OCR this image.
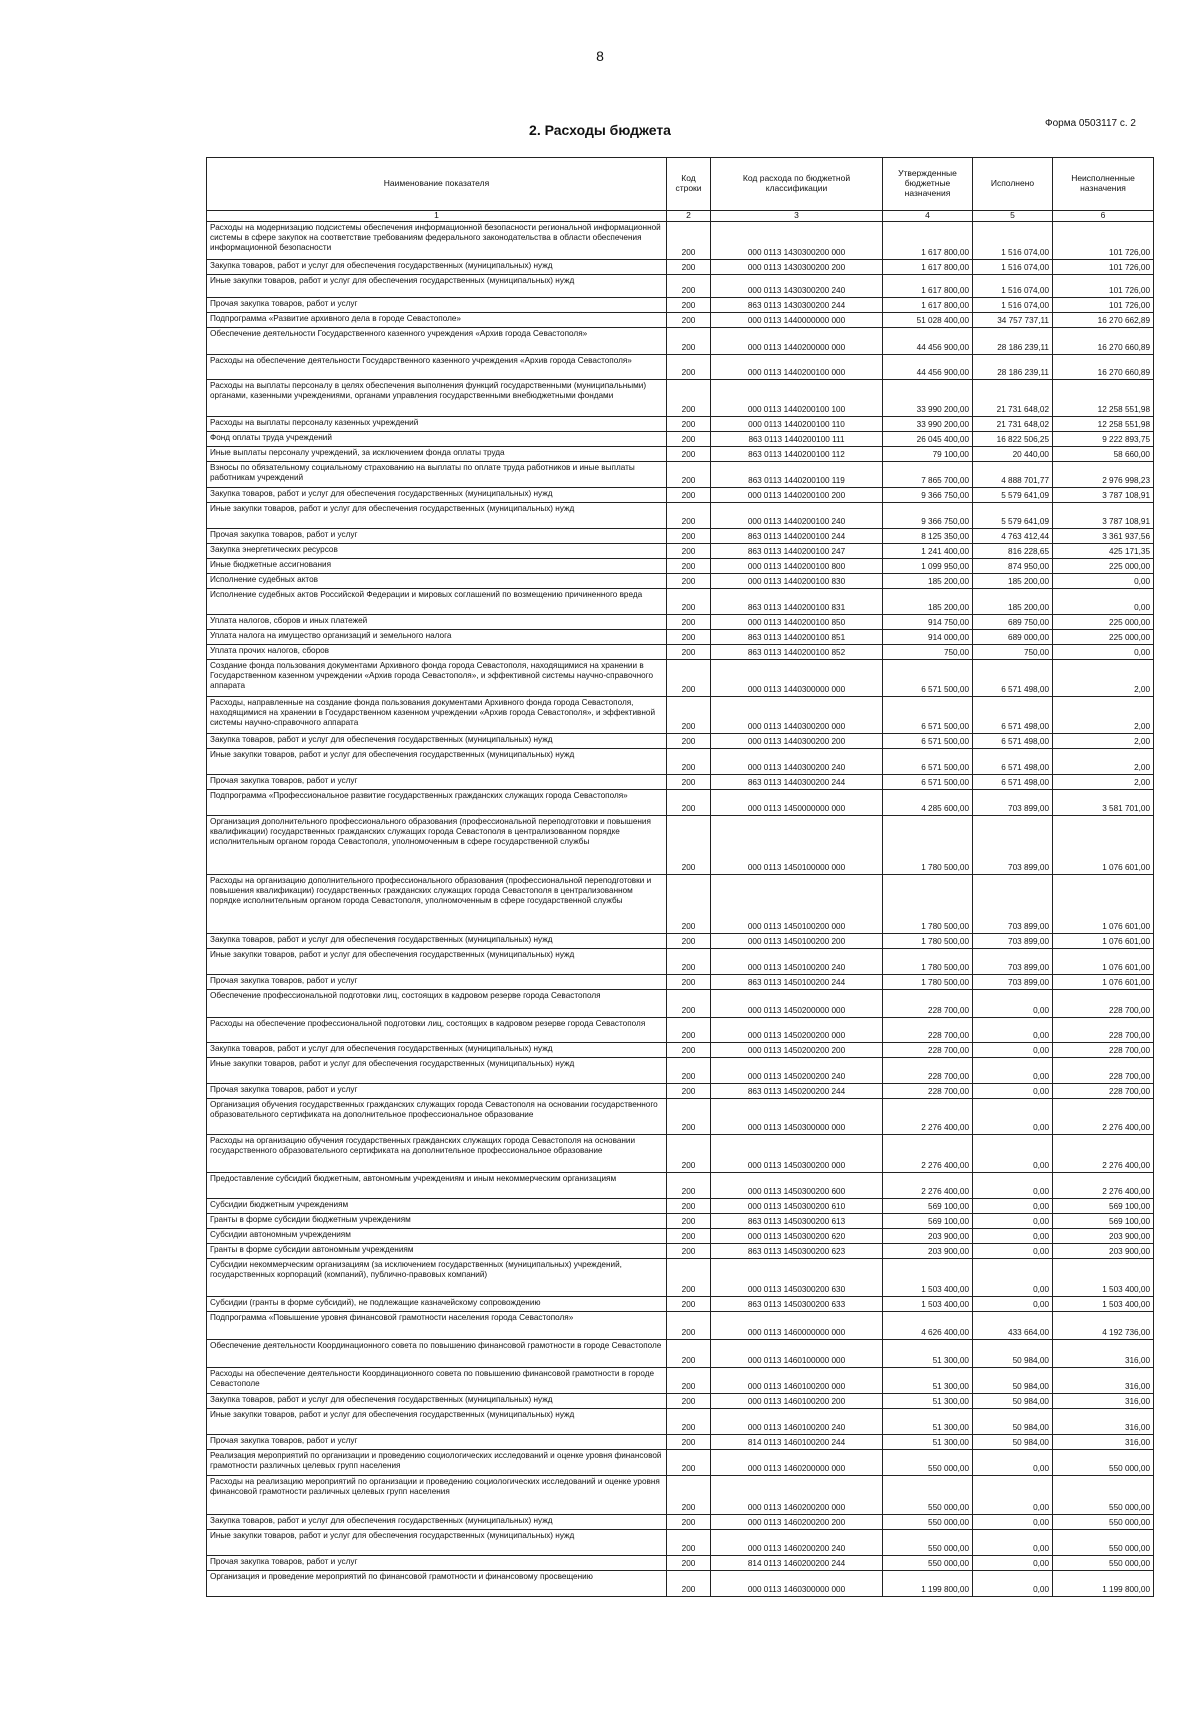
8
Форма 0503117 с. 2
2. Расходы бюджета
Наименование показателя	Код строки	Код расхода по бюджетной классификации	Утвержденные бюджетные назначения	Исполнено	Неисполненные назначения
1	2	3	4	5	6
Расходы на модернизацию подсистемы обеспечения информационной безопасности региональной информационной системы в сфере закупок на соответствие требованиям федерального законодательства в области обеспечения информационной безопасности	200	000 0113 1430300200 000	1 617 800,00	1 516 074,00	101 726,00
Закупка товаров, работ и услуг для обеспечения государственных (муниципальных) нужд	200	000 0113 1430300200 200	1 617 800,00	1 516 074,00	101 726,00
Иные закупки товаров, работ и услуг для обеспечения государственных (муниципальных) нужд	200	000 0113 1430300200 240	1 617 800,00	1 516 074,00	101 726,00
Прочая закупка товаров, работ и услуг	200	863 0113 1430300200 244	1 617 800,00	1 516 074,00	101 726,00
Подпрограмма «Развитие архивного дела в городе Севастополе»	200	000 0113 1440000000 000	51 028 400,00	34 757 737,11	16 270 662,89
Обеспечение деятельности Государственного казенного учреждения «Архив города Севастополя»	200	000 0113 1440200000 000	44 456 900,00	28 186 239,11	16 270 660,89
Расходы на обеспечение деятельности Государственного казенного учреждения «Архив города Севастополя»	200	000 0113 1440200100 000	44 456 900,00	28 186 239,11	16 270 660,89
Расходы на выплаты персоналу в целях обеспечения выполнения функций государственными (муниципальными) органами, казенными учреждениями, органами управления государственными внебюджетными фондами	200	000 0113 1440200100 100	33 990 200,00	21 731 648,02	12 258 551,98
Расходы на выплаты персоналу казенных учреждений	200	000 0113 1440200100 110	33 990 200,00	21 731 648,02	12 258 551,98
Фонд оплаты труда учреждений	200	863 0113 1440200100 111	26 045 400,00	16 822 506,25	9 222 893,75
Иные выплаты персоналу учреждений, за исключением фонда оплаты труда	200	863 0113 1440200100 112	79 100,00	20 440,00	58 660,00
Взносы по обязательному социальному страхованию на выплаты по оплате труда работников и иные выплаты работникам учреждений	200	863 0113 1440200100 119	7 865 700,00	4 888 701,77	2 976 998,23
Закупка товаров, работ и услуг для обеспечения государственных (муниципальных) нужд	200	000 0113 1440200100 200	9 366 750,00	5 579 641,09	3 787 108,91
Иные закупки товаров, работ и услуг для обеспечения государственных (муниципальных) нужд	200	000 0113 1440200100 240	9 366 750,00	5 579 641,09	3 787 108,91
Прочая закупка товаров, работ и услуг	200	863 0113 1440200100 244	8 125 350,00	4 763 412,44	3 361 937,56
Закупка энергетических ресурсов	200	863 0113 1440200100 247	1 241 400,00	816 228,65	425 171,35
Иные бюджетные ассигнования	200	000 0113 1440200100 800	1 099 950,00	874 950,00	225 000,00
Исполнение судебных актов	200	000 0113 1440200100 830	185 200,00	185 200,00	0,00
Исполнение судебных актов Российской Федерации и мировых соглашений по возмещению причиненного вреда	200	863 0113 1440200100 831	185 200,00	185 200,00	0,00
Уплата налогов, сборов и иных платежей	200	000 0113 1440200100 850	914 750,00	689 750,00	225 000,00
Уплата налога на имущество организаций и земельного налога	200	863 0113 1440200100 851	914 000,00	689 000,00	225 000,00
Уплата прочих налогов, сборов	200	863 0113 1440200100 852	750,00	750,00	0,00
Создание фонда пользования документами Архивного фонда города Севастополя, находящимися на хранении в Государственном казенном учреждении «Архив города Севастополя», и эффективной системы научно-справочного аппарата	200	000 0113 1440300000 000	6 571 500,00	6 571 498,00	2,00
Расходы, направленные на создание фонда пользования документами Архивного фонда города Севастополя, находящимися на хранении в Государственном казенном учреждении «Архив города Севастополя», и эффективной системы научно-справочного аппарата	200	000 0113 1440300200 000	6 571 500,00	6 571 498,00	2,00
Закупка товаров, работ и услуг для обеспечения государственных (муниципальных) нужд	200	000 0113 1440300200 200	6 571 500,00	6 571 498,00	2,00
Иные закупки товаров, работ и услуг для обеспечения государственных (муниципальных) нужд	200	000 0113 1440300200 240	6 571 500,00	6 571 498,00	2,00
Прочая закупка товаров, работ и услуг	200	863 0113 1440300200 244	6 571 500,00	6 571 498,00	2,00
Подпрограмма «Профессиональное развитие государственных гражданских служащих города Севастополя»	200	000 0113 1450000000 000	4 285 600,00	703 899,00	3 581 701,00
Организация дополнительного профессионального образования (профессиональной переподготовки и повышения квалификации) государственных гражданских служащих города Севастополя в централизованном порядке исполнительным органом города Севастополя, уполномоченным в сфере государственной службы	200	000 0113 1450100000 000	1 780 500,00	703 899,00	1 076 601,00
Расходы на организацию дополнительного профессионального образования (профессиональной переподготовки и повышения квалификации) государственных гражданских служащих города Севастополя в централизованном порядке исполнительным органом города Севастополя, уполномоченным в сфере государственной службы	200	000 0113 1450100200 000	1 780 500,00	703 899,00	1 076 601,00
Закупка товаров, работ и услуг для обеспечения государственных (муниципальных) нужд	200	000 0113 1450100200 200	1 780 500,00	703 899,00	1 076 601,00
Иные закупки товаров, работ и услуг для обеспечения государственных (муниципальных) нужд	200	000 0113 1450100200 240	1 780 500,00	703 899,00	1 076 601,00
Прочая закупка товаров, работ и услуг	200	863 0113 1450100200 244	1 780 500,00	703 899,00	1 076 601,00
Обеспечение профессиональной подготовки лиц, состоящих в кадровом резерве города Севастополя	200	000 0113 1450200000 000	228 700,00	0,00	228 700,00
Расходы на обеспечение профессиональной подготовки лиц, состоящих в кадровом резерве города Севастополя	200	000 0113 1450200200 000	228 700,00	0,00	228 700,00
Закупка товаров, работ и услуг для обеспечения государственных (муниципальных) нужд	200	000 0113 1450200200 200	228 700,00	0,00	228 700,00
Иные закупки товаров, работ и услуг для обеспечения государственных (муниципальных) нужд	200	000 0113 1450200200 240	228 700,00	0,00	228 700,00
Прочая закупка товаров, работ и услуг	200	863 0113 1450200200 244	228 700,00	0,00	228 700,00
Организация обучения государственных гражданских служащих города Севастополя на основании государственного образовательного сертификата на дополнительное профессиональное образование	200	000 0113 1450300000 000	2 276 400,00	0,00	2 276 400,00
Расходы на организацию обучения государственных гражданских служащих города Севастополя на основании государственного образовательного сертификата на дополнительное профессиональное образование	200	000 0113 1450300200 000	2 276 400,00	0,00	2 276 400,00
Предоставление субсидий бюджетным, автономным учреждениям и иным некоммерческим организациям	200	000 0113 1450300200 600	2 276 400,00	0,00	2 276 400,00
Субсидии бюджетным учреждениям	200	000 0113 1450300200 610	569 100,00	0,00	569 100,00
Гранты в форме субсидии бюджетным учреждениям	200	863 0113 1450300200 613	569 100,00	0,00	569 100,00
Субсидии автономным учреждениям	200	000 0113 1450300200 620	203 900,00	0,00	203 900,00
Гранты в форме субсидии автономным учреждениям	200	863 0113 1450300200 623	203 900,00	0,00	203 900,00
Субсидии некоммерческим организациям (за исключением государственных (муниципальных) учреждений, государственных корпораций (компаний), публично-правовых компаний)	200	000 0113 1450300200 630	1 503 400,00	0,00	1 503 400,00
Субсидии (гранты в форме субсидий), не подлежащие казначейскому сопровождению	200	863 0113 1450300200 633	1 503 400,00	0,00	1 503 400,00
Подпрограмма «Повышение уровня финансовой грамотности населения города Севастополя»	200	000 0113 1460000000 000	4 626 400,00	433 664,00	4 192 736,00
Обеспечение деятельности Координационного совета по повышению финансовой грамотности в городе Севастополе	200	000 0113 1460100000 000	51 300,00	50 984,00	316,00
Расходы на обеспечение деятельности Координационного совета по повышению финансовой грамотности в городе Севастополе	200	000 0113 1460100200 000	51 300,00	50 984,00	316,00
Закупка товаров, работ и услуг для обеспечения государственных (муниципальных) нужд	200	000 0113 1460100200 200	51 300,00	50 984,00	316,00
Иные закупки товаров, работ и услуг для обеспечения государственных (муниципальных) нужд	200	000 0113 1460100200 240	51 300,00	50 984,00	316,00
Прочая закупка товаров, работ и услуг	200	814 0113 1460100200 244	51 300,00	50 984,00	316,00
Реализация мероприятий по организации и проведению социологических исследований и оценке уровня финансовой грамотности различных целевых групп населения	200	000 0113 1460200000 000	550 000,00	0,00	550 000,00
Расходы на реализацию мероприятий по организации и проведению социологических исследований и оценке уровня финансовой грамотности различных целевых групп населения	200	000 0113 1460200200 000	550 000,00	0,00	550 000,00
Закупка товаров, работ и услуг для обеспечения государственных (муниципальных) нужд	200	000 0113 1460200200 200	550 000,00	0,00	550 000,00
Иные закупки товаров, работ и услуг для обеспечения государственных (муниципальных) нужд	200	000 0113 1460200200 240	550 000,00	0,00	550 000,00
Прочая закупка товаров, работ и услуг	200	814 0113 1460200200 244	550 000,00	0,00	550 000,00
Организация и проведение мероприятий по финансовой грамотности и финансовому просвещению	200	000 0113 1460300000 000	1 199 800,00	0,00	1 199 800,00
